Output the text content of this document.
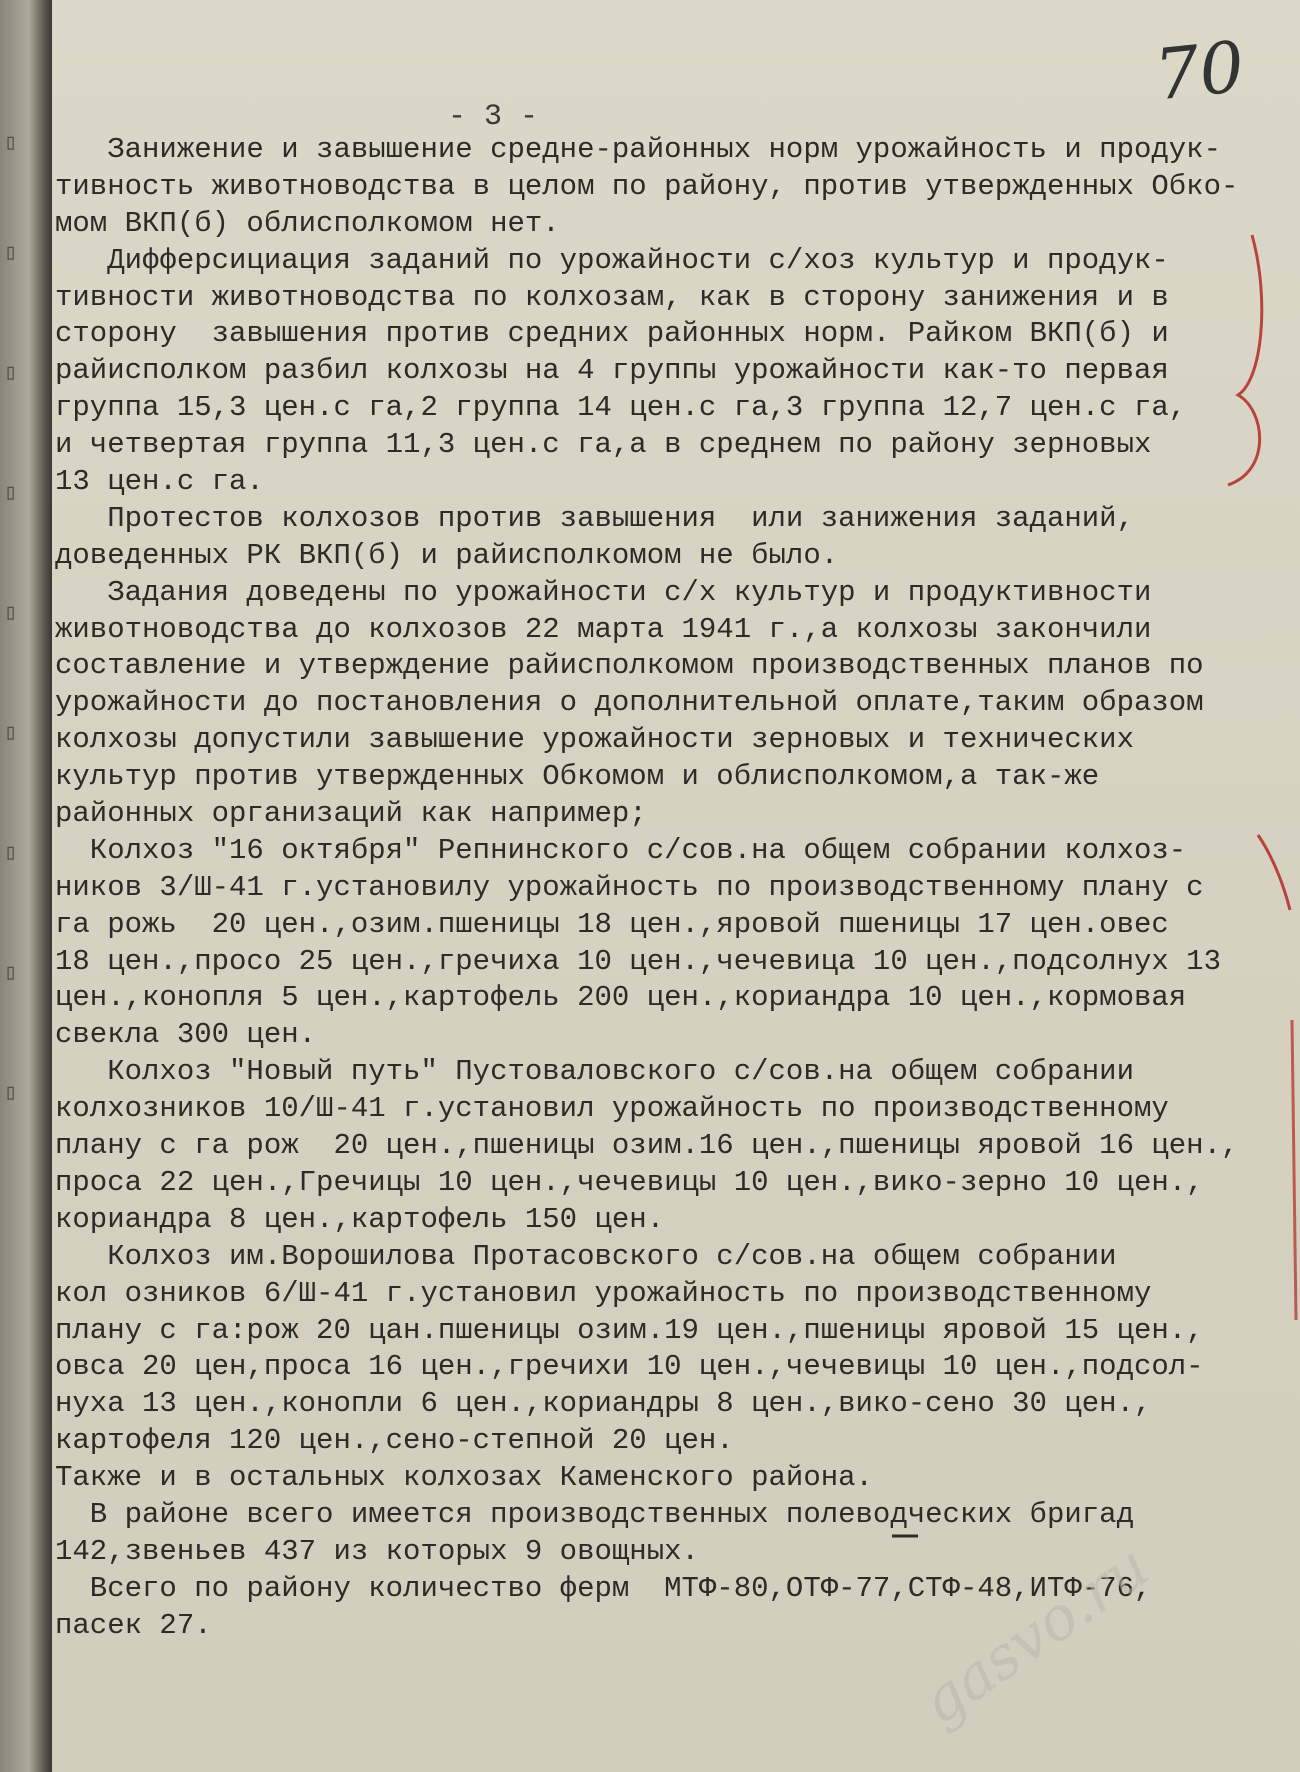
▯
▯
▯
▯
▯
▯
▯
▯
▯
70
- 3 -
Занижение и завышение средне-районных норм урожайность и продук-
тивность животноводства в целом по району, против утвержденных Обко-
мом ВКП(б) облисполкомом нет.
Дифферсициация заданий по урожайности с/хоз культур и продук-
тивности животноводства по колхозам, как в сторону занижения и в
сторону  завышения против средних районных норм. Райком ВКП(б) и
райисполком разбил колхозы на 4 группы урожайности как-то первая
группа 15,3 цен.с га,2 группа 14 цен.с га,3 группа 12,7 цен.с га,
и четвертая группа 11,3 цен.с га,а в среднем по району зерновых
13 цен.с га.
Протестов колхозов против завышения  или занижения заданий,
доведенных РК ВКП(б) и райисполкомом не было.
Задания доведены по урожайности с/х культур и продуктивности
животноводства до колхозов 22 марта 1941 г.,а колхозы закончили
составление и утверждение райисполкомом производственных планов по
урожайности до постановления о дополнительной оплате,таким образом
колхозы допустили завышение урожайности зерновых и технических
культур против утвержденных Обкомом и облисполкомом,а так-же
районных организаций как например;
Колхоз "16 октября" Репнинского с/сов.на общем собрании колхоз-
ников 3/Ш-41 г.установилу урожайность по производственному плану с
га рожь  20 цен.,озим.пшеницы 18 цен.,яровой пшеницы 17 цен.овес
18 цен.,просо 25 цен.,гречиха 10 цен.,чечевица 10 цен.,подсолнух 13
цен.,конопля 5 цен.,картофель 200 цен.,кориандра 10 цен.,кормовая
свекла 300 цен.
Колхоз "Новый путь" Пустоваловского с/сов.на общем собрании
колхозников 10/Ш-41 г.установил урожайность по производственному
плану с га рож  20 цен.,пшеницы озим.16 цен.,пшеницы яровой 16 цен.,
проса 22 цен.,Гречицы 10 цен.,чечевицы 10 цен.,вико-зерно 10 цен.,
кориандра 8 цен.,картофель 150 цен.
Колхоз им.Ворошилова Протасовского с/сов.на общем собрании
кол озников 6/Ш-41 г.установил урожайность по производственному
плану с га:рож 20 цан.пшеницы озим.19 цен.,пшеницы яровой 15 цен.,
овса 20 цен,проса 16 цен.,гречихи 10 цен.,чечевицы 10 цен.,подсол-
нуха 13 цен.,конопли 6 цен.,кориандры 8 цен.,вико-сено 30 цен.,
картофеля 120 цен.,сено-степной 20 цен.
Также и в остальных колхозах Каменского района.
В районе всего имеется производственных полеводческих бригад
142,звеньев 437 из которых 9 овощных.
Всего по району количество ферм  МТФ-80,ОТФ-77,СТФ-48,ИТФ-76,
пасек 27.	gasvo.ru
